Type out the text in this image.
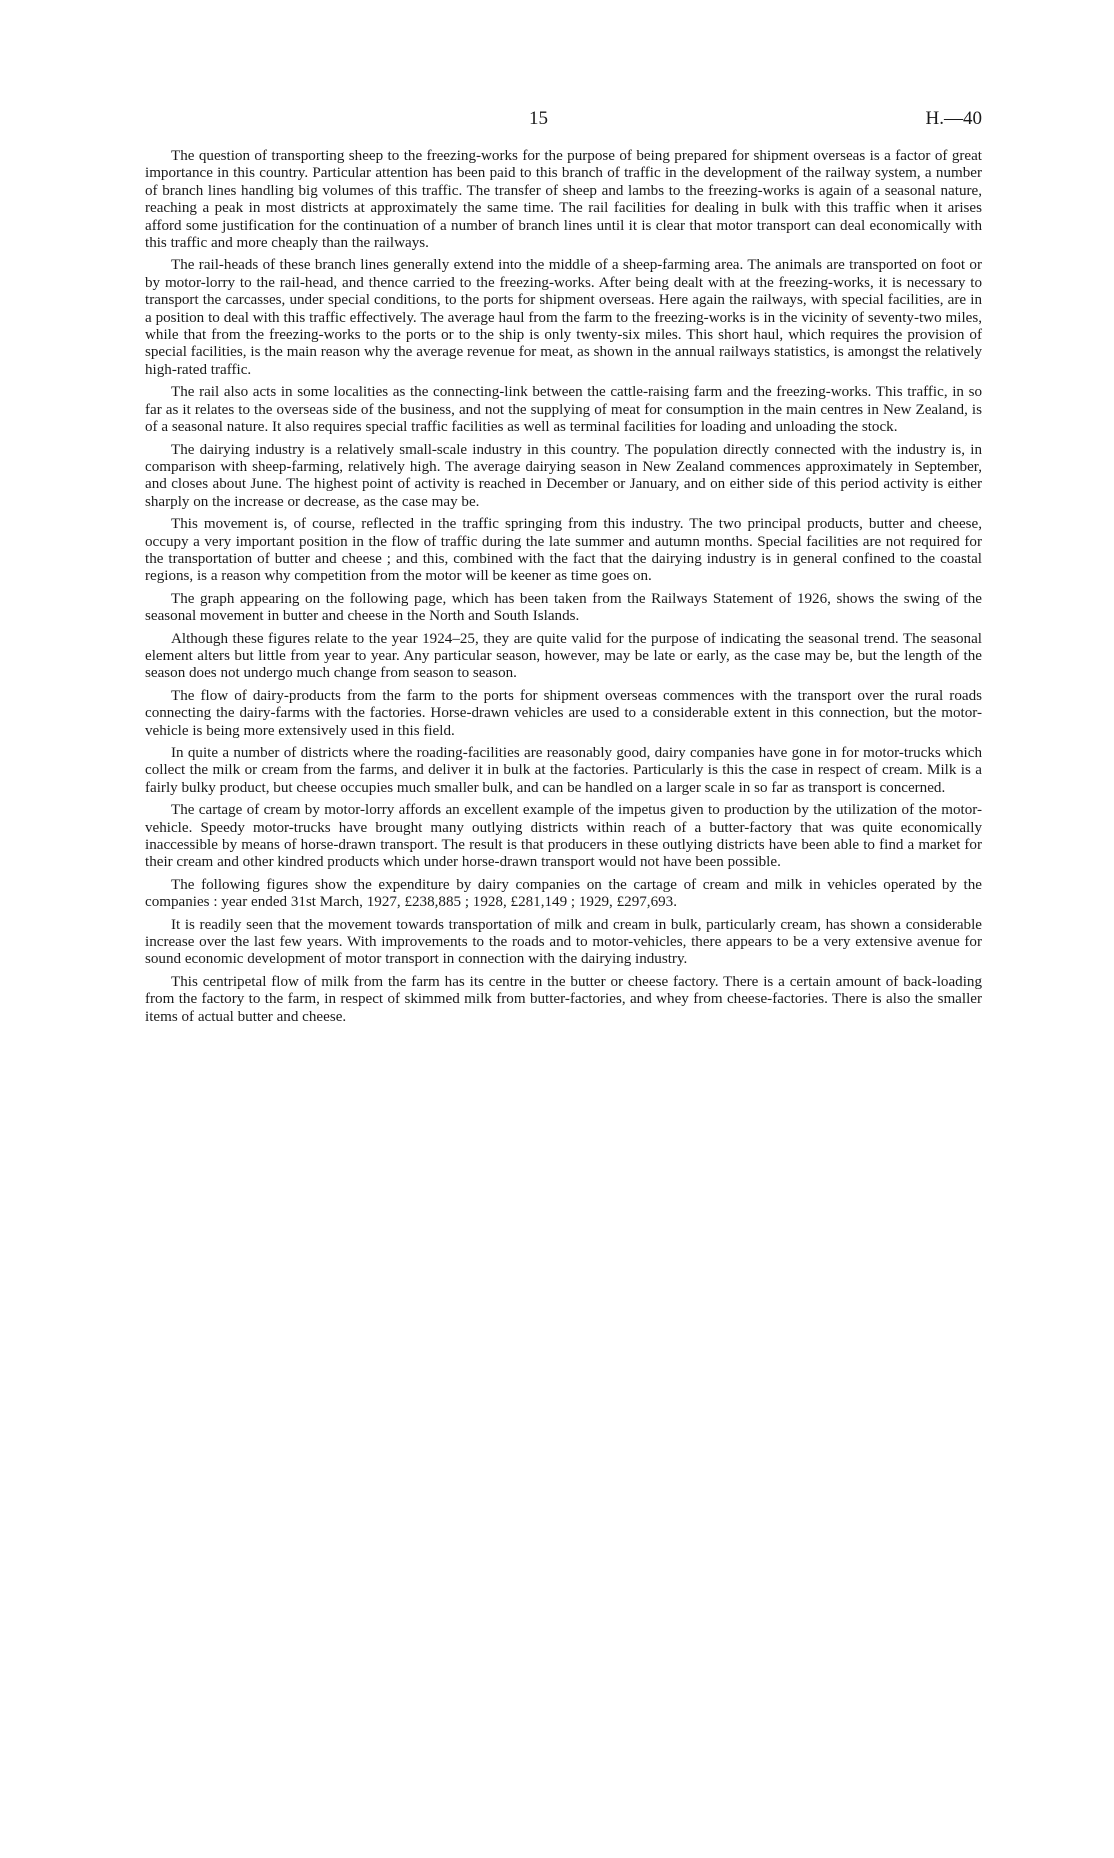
15	H.—40

The question of transporting sheep to the freezing-works for the purpose of being prepared for shipment overseas is a factor of great importance in this country. Particular attention has been paid to this branch of traffic in the development of the railway system, a number of branch lines handling big volumes of this traffic. The transfer of sheep and lambs to the freezing-works is again of a seasonal nature, reaching a peak in most districts at approximately the same time. The rail facilities for dealing in bulk with this traffic when it arises afford some justification for the continuation of a number of branch lines until it is clear that motor transport can deal economically with this traffic and more cheaply than the railways.

The rail-heads of these branch lines generally extend into the middle of a sheep-farming area. The animals are transported on foot or by motor-lorry to the rail-head, and thence carried to the freezing-works. After being dealt with at the freezing-works, it is necessary to transport the carcasses, under special conditions, to the ports for shipment overseas. Here again the railways, with special facilities, are in a position to deal with this traffic effectively. The average haul from the farm to the freezing-works is in the vicinity of seventy-two miles, while that from the freezing-works to the ports or to the ship is only twenty-six miles. This short haul, which requires the provision of special facilities, is the main reason why the average revenue for meat, as shown in the annual railways statistics, is amongst the relatively high-rated traffic.

The rail also acts in some localities as the connecting-link between the cattle-raising farm and the freezing-works. This traffic, in so far as it relates to the overseas side of the business, and not the supplying of meat for consumption in the main centres in New Zealand, is of a seasonal nature. It also requires special traffic facilities as well as terminal facilities for loading and unloading the stock.

The dairying industry is a relatively small-scale industry in this country. The population directly connected with the industry is, in comparison with sheep-farming, relatively high. The average dairying season in New Zealand commences approximately in September, and closes about June. The highest point of activity is reached in December or January, and on either side of this period activity is either sharply on the increase or decrease, as the case may be.

This movement is, of course, reflected in the traffic springing from this industry. The two principal products, butter and cheese, occupy a very important position in the flow of traffic during the late summer and autumn months. Special facilities are not required for the transportation of butter and cheese ; and this, combined with the fact that the dairying industry is in general confined to the coastal regions, is a reason why competition from the motor will be keener as time goes on.

The graph appearing on the following page, which has been taken from the Railways Statement of 1926, shows the swing of the seasonal movement in butter and cheese in the North and South Islands.

Although these figures relate to the year 1924–25, they are quite valid for the purpose of indicating the seasonal trend. The seasonal element alters but little from year to year. Any particular season, however, may be late or early, as the case may be, but the length of the season does not undergo much change from season to season.

The flow of dairy-products from the farm to the ports for shipment overseas commences with the transport over the rural roads connecting the dairy-farms with the factories. Horse-drawn vehicles are used to a considerable extent in this connection, but the motor-vehicle is being more extensively used in this field.

In quite a number of districts where the roading-facilities are reasonably good, dairy companies have gone in for motor-trucks which collect the milk or cream from the farms, and deliver it in bulk at the factories. Particularly is this the case in respect of cream. Milk is a fairly bulky product, but cheese occupies much smaller bulk, and can be handled on a larger scale in so far as transport is concerned.

The cartage of cream by motor-lorry affords an excellent example of the impetus given to production by the utilization of the motor-vehicle. Speedy motor-trucks have brought many outlying districts within reach of a butter-factory that was quite economically inaccessible by means of horse-drawn transport. The result is that producers in these outlying districts have been able to find a market for their cream and other kindred products which under horse-drawn transport would not have been possible.

The following figures show the expenditure by dairy companies on the cartage of cream and milk in vehicles operated by the companies : year ended 31st March, 1927, £238,885 ; 1928, £281,149 ; 1929, £297,693.

It is readily seen that the movement towards transportation of milk and cream in bulk, particularly cream, has shown a considerable increase over the last few years. With improvements to the roads and to motor-vehicles, there appears to be a very extensive avenue for sound economic development of motor transport in connection with the dairying industry.

This centripetal flow of milk from the farm has its centre in the butter or cheese factory. There is a certain amount of back-loading from the factory to the farm, in respect of skimmed milk from butter-factories, and whey from cheese-factories. There is also the smaller items of actual butter and cheese.
